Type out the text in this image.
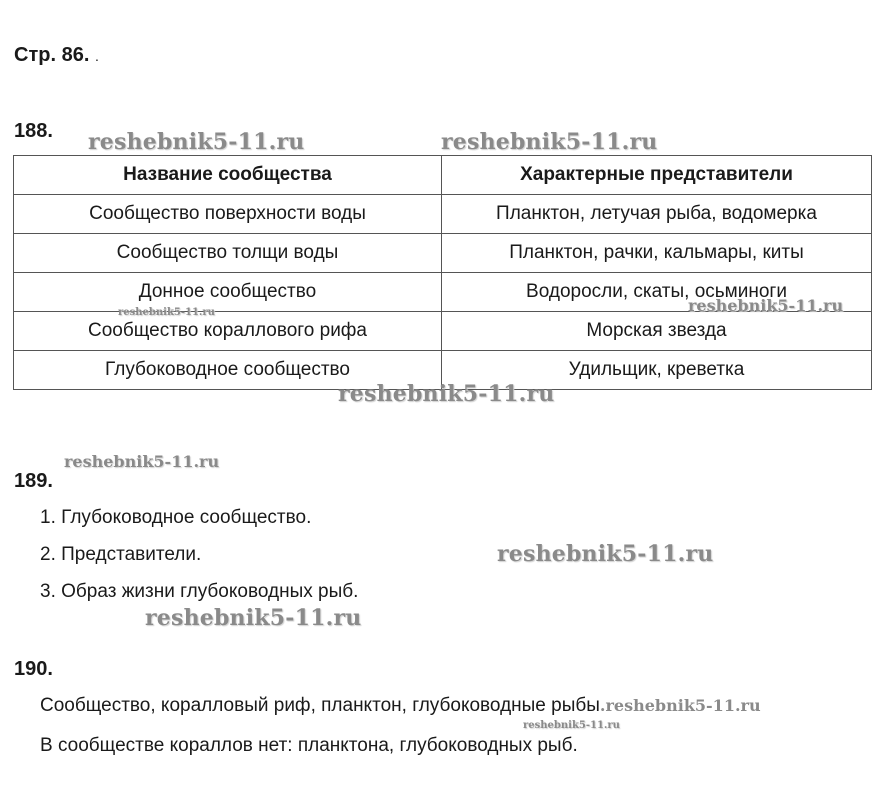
Стр. 86. .
188. reshebnik5-11.ru	reshebnik5-11.ru
Название сообщества	Характерные представители
Сообщество поверхности воды	Планктон, летучая рыба, водомерка
Сообщество толщи воды	Планктон, рачки, кальмары, киты
Донное сообщество	Водоросли, скаты, осьминоги
Сообщество кораллового рифа	Морская звезда
Глубоководное сообщество	Удильщик, креветка
reshebnik5-11.ru	reshebnik5-11.ru
reshebnik5-11.ru
reshebnik5-11.ru
189.
1. Глубоководное сообщество.
2. Представители.
3. Образ жизни глубоководных рыб.
reshebnik5-11.ru
reshebnik5-11.ru
190.
Сообщество, коралловый риф, планктон, глубоководные рыбы.reshebnik5-11.ru
reshebnik5-11.ru
В сообществе кораллов нет: планктона, глубоководных рыб.
